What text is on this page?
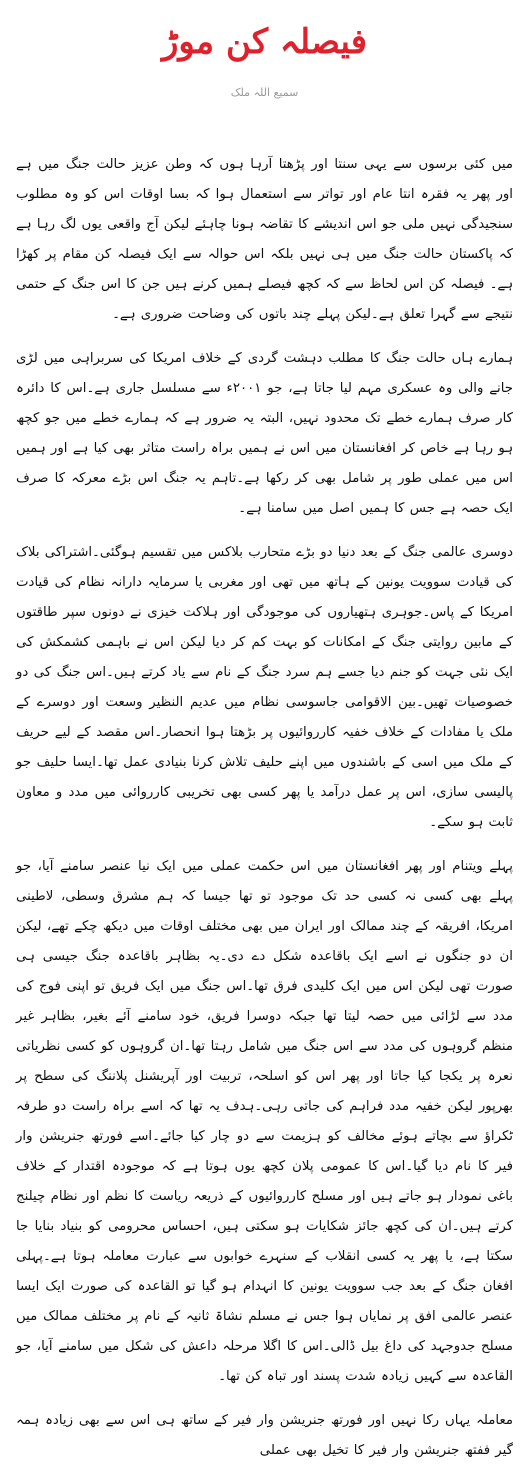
فیصلہ کن موڑ
سمیع اللہ ملک

میں کئی برسوں سے یہی سنتا اور پڑھتا آرہا ہوں کہ وطن عزیز حالت جنگ میں ہے اور پھر یہ فقرہ انتا عام اور تواتر سے استعمال ہوا کہ بسا اوقات اس کو وہ مطلوب سنجیدگی نہیں ملی جو اس اندیشے کا تقاضہ ہونا چاہئے لیکن آج واقعی یوں لگ رہا ہے کہ پاکستان حالت جنگ میں ہی نہیں بلکہ اس حوالہ سے ایک فیصلہ کن مقام پر کھڑا ہے۔ فیصلہ کن اس لحاظ سے کہ کچھ فیصلے ہمیں کرنے ہیں جن کا اس جنگ کے حتمی نتیجے سے گہرا تعلق ہے۔لیکن پہلے چند باتوں کی وضاحت ضروری ہے۔

ہمارے ہاں حالت جنگ کا مطلب دہشت گردی کے خلاف امریکا کی سربراہی میں لڑی جانے والی وہ عسکری مہم لیا جاتا ہے، جو ۲۰۰۱ء سے مسلسل جاری ہے۔اس کا دائرہ کار صرف ہمارے خطے تک محدود نہیں، البتہ یہ ضرور ہے کہ ہمارے خطے میں جو کچھ ہو رہا ہے خاص کر افغانستان میں اس نے ہمیں براہ راست متاثر بھی کیا ہے اور ہمیں اس میں عملی طور پر شامل بھی کر رکھا ہے۔تاہم یہ جنگ اس بڑے معرکہ کا صرف ایک حصہ ہے جس کا ہمیں اصل میں سامنا ہے۔

دوسری عالمی جنگ کے بعد دنیا دو بڑے متحارب بلاکس میں تقسیم ہوگئی۔اشتراکی بلاک کی قیادت سوویت یونین کے ہاتھ میں تھی اور مغربی یا سرمایہ دارانہ نظام کی قیادت امریکا کے پاس۔جوہری ہتھیاروں کی موجودگی اور ہلاکت خیزی نے دونوں سپر طاقتوں کے مابین روایتی جنگ کے امکانات کو بہت کم کر دیا لیکن اس نے باہمی کشمکش کی ایک نئی جہت کو جنم دیا جسے ہم سرد جنگ کے نام سے یاد کرتے ہیں۔اس جنگ کی دو خصوصیات تھیں۔بین الاقوامی جاسوسی نظام میں عدیم النظیر وسعت اور دوسرے کے ملک یا مفادات کے خلاف خفیہ کارروائیوں پر بڑھتا ہوا انحصار۔اس مقصد کے لیے حریف کے ملک میں اسی کے باشندوں میں اپنے حلیف تلاش کرنا بنیادی عمل تھا۔ایسا حلیف جو پالیسی سازی، اس پر عمل درآمد یا پھر کسی بھی تخریبی کارروائی میں مدد و معاون ثابت ہو سکے۔

پہلے ویتنام اور پھر افغانستان میں اس حکمت عملی میں ایک نیا عنصر سامنے آیا، جو پہلے بھی کسی نہ کسی حد تک موجود تو تھا جیسا کہ ہم مشرق وسطی، لاطینی امریکا، افریقہ کے چند ممالک اور ایران میں بھی مختلف اوقات میں دیکھ چکے تھے، لیکن ان دو جنگوں نے اسے ایک باقاعدہ شکل دے دی۔یہ بظاہر باقاعدہ جنگ جیسی ہی صورت تھی لیکن اس میں ایک کلیدی فرق تھا۔اس جنگ میں ایک فریق تو اپنی فوج کی مدد سے لڑائی میں حصہ لیتا تھا جبکہ دوسرا فریق، خود سامنے آئے بغیر، بظاہر غیر منظم گروہوں کی مدد سے اس جنگ میں شامل رہتا تھا۔ان گروہوں کو کسی نظریاتی نعرہ پر یکجا کیا جاتا اور پھر اس کو اسلحہ، تربیت اور آپریشنل پلاننگ کی سطح پر بھرپور لیکن خفیہ مدد فراہم کی جاتی رہی۔ہدف یہ تھا کہ اسے براہ راست دو طرفہ ٹکراؤ سے بچاتے ہوئے مخالف کو ہزیمت سے دو چار کیا جائے۔اسے فورتھ جنریشن وار فیر کا نام دیا گیا۔اس کا عمومی پلان کچھ یوں ہوتا ہے کہ موجودہ اقتدار کے خلاف باغی نمودار ہو جاتے ہیں اور مسلح کارروائیوں کے ذریعہ ریاست کا نظم اور نظام چیلنج کرتے ہیں۔ان کی کچھ جائز شکایات ہو سکتی ہیں، احساس محرومی کو بنیاد بنایا جا سکتا ہے، یا پھر یہ کسی انقلاب کے سنہرے خوابوں سے عبارت معاملہ ہوتا ہے۔پہلی افغان جنگ کے بعد جب سوویت یونین کا انہدام ہو گیا تو القاعدہ کی صورت ایک ایسا عنصر عالمی افق پر نمایاں ہوا جس نے مسلم نشاۃ ثانیہ کے نام پر مختلف ممالک میں مسلح جدوجہد کی داغ بیل ڈالی۔اس کا اگلا مرحلہ داعش کی شکل میں سامنے آیا، جو القاعدہ سے کہیں زیادہ شدت پسند اور تباہ کن تھا۔

معاملہ یہاں رکا نہیں اور فورتھ جنریشن وار فیر کے ساتھ ہی اس سے بھی زیادہ ہمہ گیر ففتھ جنریشن وار فیر کا تخیل بھی عملی
